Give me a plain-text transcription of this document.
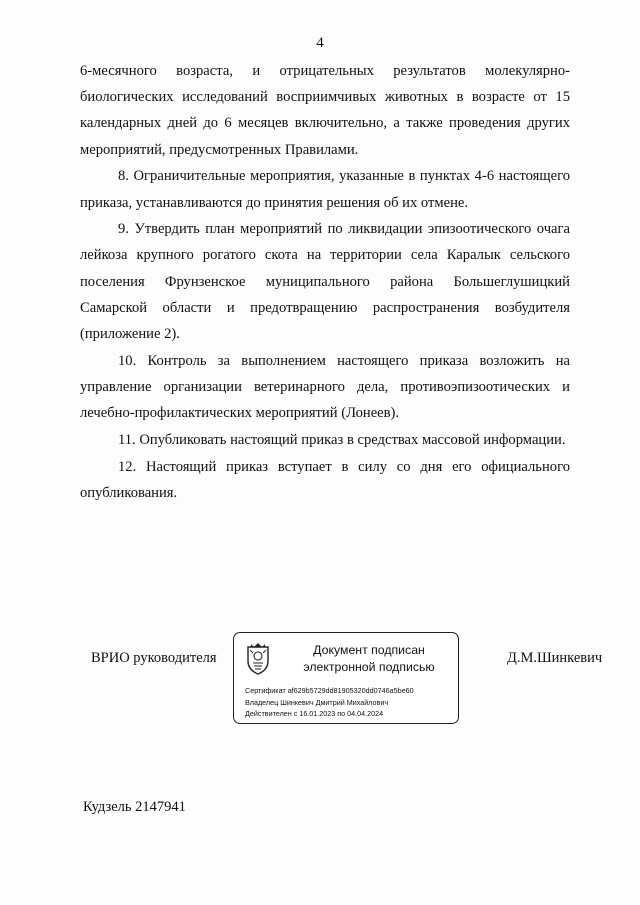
4

6-месячного возраста, и отрицательных результатов молекулярно-биологических исследований восприимчивых животных в возрасте от 15 календарных дней до 6 месяцев включительно, а также проведения других мероприятий, предусмотренных Правилами.

8. Ограничительные мероприятия, указанные в пунктах 4-6 настоящего приказа, устанавливаются до принятия решения об их отмене.

9. Утвердить план мероприятий по ликвидации эпизоотического очага лейкоза крупного рогатого скота на территории села Каралык сельского поселения Фрунзенское муниципального района Большеглушицкий Самарской области и предотвращению распространения возбудителя (приложение 2).

10. Контроль за выполнением настоящего приказа возложить на управление организации ветеринарного дела, противоэпизоотических и лечебно-профилактических мероприятий (Лонеев).

11. Опубликовать настоящий приказ в средствах массовой информации.

12. Настоящий приказ вступает в силу со дня его официального опубликования.

ВРИО руководителя	Документ подписан
электронной подписью
Сертификат af629b5729dd81905320dd0746a5be60
Владелец Шинкевич Дмитрий Михайлович
Действителен с 16.01.2023 по 04.04.2024
Д.М.Шинкевич
Кудзель 2147941
